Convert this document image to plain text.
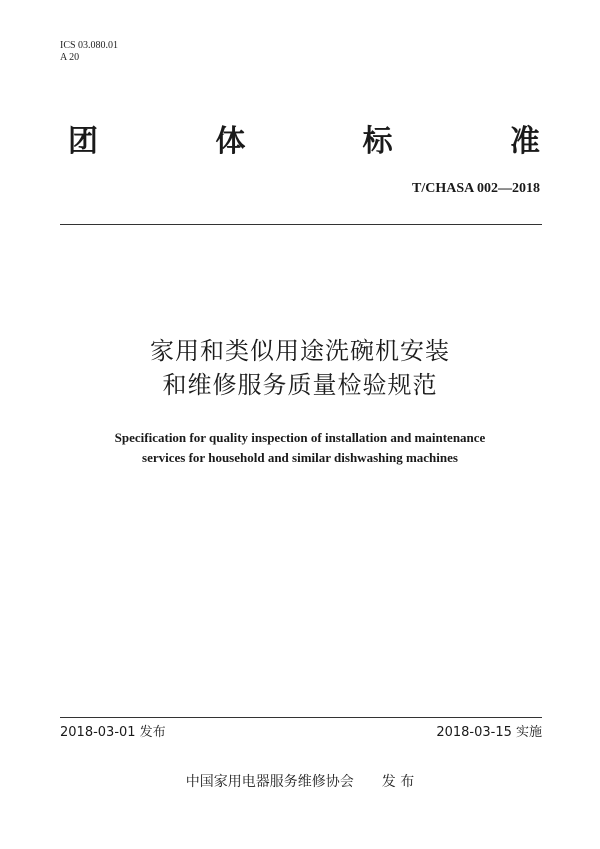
ICS 03.080.01
A 20
团	体	标	准
T/CHASA 002—2018
家用和类似用途洗碗机安装
和维修服务质量检验规范
Specification for quality inspection of installation and maintenance
services for household and similar dishwashing machines
2018-03-01 发布	2018-03-15 实施
中国家用电器服务维修协会 发 布
